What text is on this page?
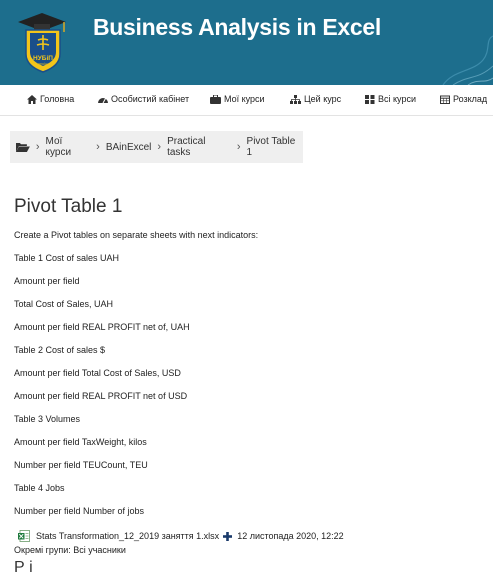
НУБіП
УКРАЇНИ
Business Analysis in Excel
Головна	Особистий кабінет	Мої курси	Цей курс	Всі курси	Розклад
› Мої курси	› BAinExcel › Practical tasks	› Pivot Table 1
Pivot Table 1
Create a Pivot tables on separate sheets with next indicators:
Table 1 Cost of sales UAH
Amount per field
Total Cost of Sales, UAH
Amount per field REAL PROFIT net of, UAH
Table 2 Cost of sales $
Amount per field Total Cost of Sales, USD
Amount per field REAL PROFIT net of USD
Table 3 Volumes
Amount per field TaxWeight, kilos
Number per field TEUCount, TEU
Table 4 Jobs
Number per field Number of jobs
Stats Transformation_12_2019 заняття 1.xlsx 12 листопада 2020, 12:22
Окремі групи: Всі учасники
Р і
